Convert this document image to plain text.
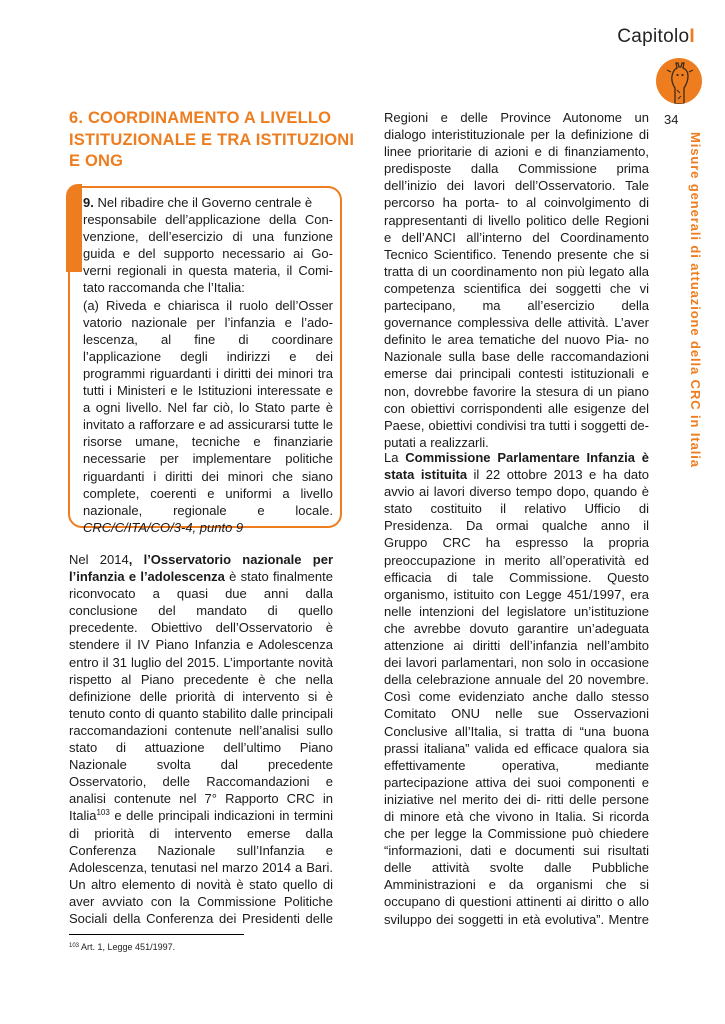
CapitoloI
34
Misure generali di attuazione della CRC in Italia
6. COORDINAMENTO A LIVELLO
ISTITUZIONALE E TRA ISTITUZIONI
E ONG
9. Nel ribadire che il Governo centrale è
responsabile dell’applicazione della Con-
venzione, dell’esercizio di una funzione
guida e del supporto necessario ai Go-
verni regionali in questa materia, il Comi-
tato raccomanda che l’Italia:
(a) Riveda e chiarisca il ruolo dell’Osser
vatorio nazionale per l’infanzia e l’ado-
lescenza, al fine di coordinare
l’applicazione degli indirizzi e dei
programmi riguardanti i diritti dei minori tra
tutti i Ministeri e le Istituzioni interessate e
a ogni livello. Nel far ciò, lo Stato parte è
invitato a rafforzare e ad assicurarsi tutte le
risorse umane, tecniche e finanziarie
necessarie per implementare politiche
riguardanti i diritti dei minori che siano
complete, coerenti e uniformi a livello
nazionale, regionale e locale.
CRC/C/ITA/CO/3-4, punto 9
Nel 2014, l’Osservatorio nazionale per
l’infanzia e l’adolescenza è stato finalmente
riconvocato a quasi due anni dalla
conclusione del mandato di quello
precedente. Obiettivo dell’Osservatorio è
stendere il IV Piano Infanzia e Adolescenza
entro il 31 luglio del 2015. L’importante novità
rispetto al Piano precedente è che nella
definizione delle priorità di intervento si è
tenuto conto di quanto stabilito dalle principali
raccomandazioni contenute nell’analisi sullo
stato di attuazione dell’ultimo Piano
Nazionale svolta dal precedente
Osservatorio, delle Raccomandazioni e
analisi contenute nel 7° Rapporto CRC in
Italia$^{103}$ e delle principali indicazioni in termini
di priorità di intervento emerse dalla
Conferenza Nazionale sull’Infanzia e
Adolescenza, tenutasi nel marzo 2014 a Bari.
Un altro elemento di novità è stato quello di
aver avviato con la Commissione Politiche
Sociali della Conferenza dei Presidenti delle
Regioni e delle Province Autonome un
dialogo interistituzionale per la definizione di
linee prioritarie di azioni e di finanziamento,
predisposte dalla Commissione prima
dell’inizio dei lavori dell’Osservatorio. Tale
percorso ha porta- to al coinvolgimento di
rappresentanti di livello politico delle Regioni
e dell’ANCI all’interno del Coordinamento
Tecnico Scientifico. Tenendo presente che si
tratta di un coordinamento non più legato alla
competenza scientifica dei soggetti che vi
partecipano, ma all’esercizio della
governance complessiva delle attività. L’aver
definito le area tematiche del nuovo Pia- no
Nazionale sulla base delle raccomandazioni
emerse dai principali contesti istituzionali e
non, dovrebbe favorire la stesura di un piano
con obiettivi corrispondenti alle esigenze del
Paese, obiettivi condivisi tra tutti i soggetti de-
putati a realizzarli.
La Commissione Parlamentare Infanzia è
stata istituita il 22 ottobre 2013 e ha dato
avvio ai lavori diverso tempo dopo, quando è
stato costituito il relativo Ufficio di
Presidenza. Da ormai qualche anno il
Gruppo CRC ha espresso la propria
preoccupazione in merito all’operatività ed
efficacia di tale Commissione. Questo
organismo, istituito con Legge 451/1997, era
nelle intenzioni del legislatore un’istituzione
che avrebbe dovuto garantire un’adeguata
attenzione ai diritti dell’infanzia nell’ambito
dei lavori parlamentari, non solo in occasione
della celebrazione annuale del 20 novembre.
Così come evidenziato anche dallo stesso
Comitato ONU nelle sue Osservazioni
Conclusive all’Italia, si tratta di “una buona
prassi italiana” valida ed efficace qualora sia
effettivamente operativa, mediante
partecipazione attiva dei suoi componenti e
iniziative nel merito dei di- ritti delle persone
di minore età che vivono in Italia. Si ricorda
che per legge la Commissione può chiedere
“informazioni, dati e documenti sui risultati
delle attività svolte dalle Pubbliche
Amministrazioni e da organismi che si
occupano di questioni attinenti ai diritto o allo
sviluppo dei soggetti in età evolutiva”. Mentre
$^{103}$ Art. 1, Legge 451/1997.
